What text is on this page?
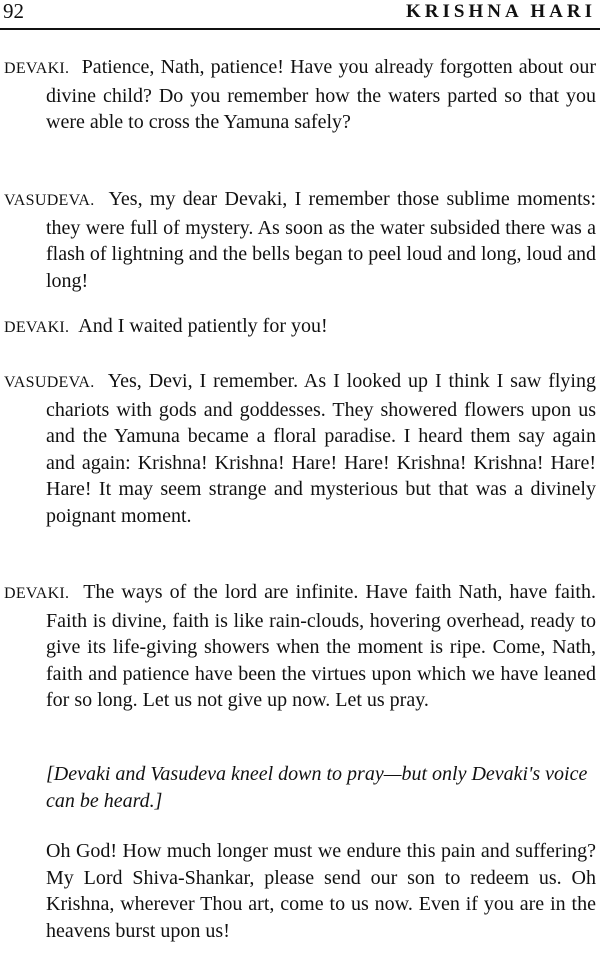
92	KRISHNA HARI

DEVAKI. Patience, Nath, patience! Have you already forgotten about our divine child? Do you remember how the waters parted so that you were able to cross the Yamuna safely?

VASUDEVA. Yes, my dear Devaki, I remember those sublime moments: they were full of mystery. As soon as the water subsided there was a flash of lightning and the bells began to peel loud and long, loud and long!

DEVAKI. And I waited patiently for you!

VASUDEVA. Yes, Devi, I remember. As I looked up I think I saw flying chariots with gods and goddesses. They showered flowers upon us and the Yamuna became a floral paradise. I heard them say again and again: Krishna! Krishna! Hare! Hare! Krishna! Krishna! Hare! Hare! It may seem strange and mysterious but that was a divinely poignant moment.

DEVAKI. The ways of the lord are infinite. Have faith Nath, have faith. Faith is divine, faith is like rain-clouds, hovering overhead, ready to give its life-giving showers when the moment is ripe. Come, Nath, faith and patience have been the virtues upon which we have leaned for so long. Let us not give up now. Let us pray.

[Devaki and Vasudeva kneel down to pray—but only Devaki's voice can be heard.]

Oh God! How much longer must we endure this pain and suffering? My Lord Shiva-Shankar, please send our son to redeem us. Oh Krishna, wherever Thou art, come to us now. Even if you are in the heavens burst upon us!
